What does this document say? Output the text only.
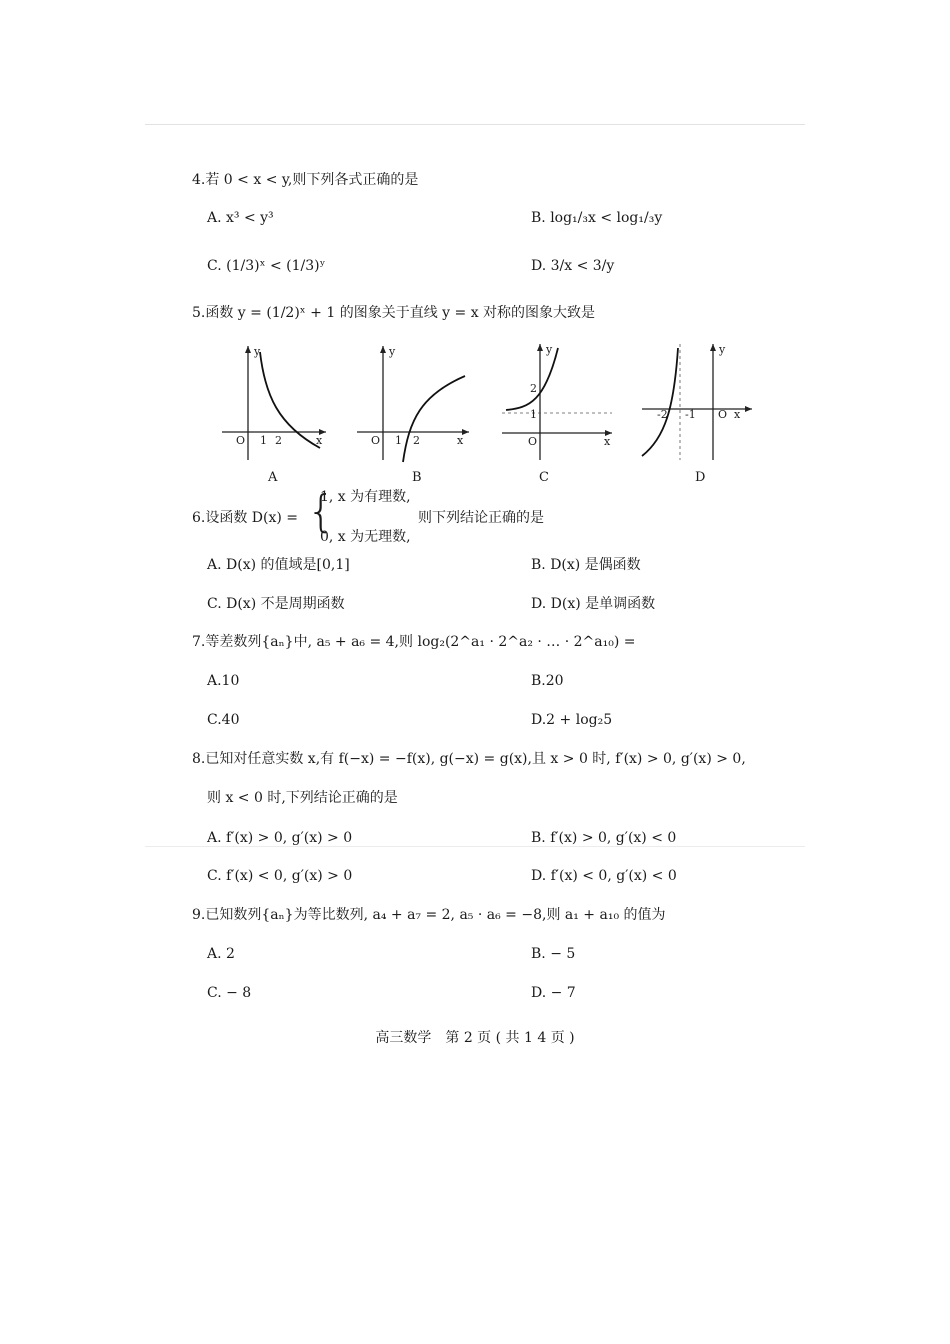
4.若 0 < x < y,则下列各式正确的是
A. x³ < y³	B. log₁/₃x < log₁/₃y
C. (1/3)ˣ < (1/3)ʸ	D. 3/x < 3/y
5.函数 y = (1/2)ˣ + 1 的图象关于直线 y = x 对称的图象大致是
O 1 2	x
y
A
O 1 2	x
y
B
O
1
2
x
y
C
-2 -1 O x
y
D
6.设函数 D(x) = {
1, x 为有理数,
0, x 为无理数,
则下列结论正确的是
A. D(x) 的值域是[0,1]	B. D(x) 是偶函数
C. D(x) 不是周期函数	D. D(x) 是单调函数
7.等差数列{aₙ}中, a₅ + a₆ = 4,则 log₂(2^a₁ · 2^a₂ · … · 2^a₁₀) =
A.10	B.20
C.40	D.2 + log₂5
8.已知对任意实数 x,有 f(−x) = −f(x), g(−x) = g(x),且 x > 0 时, f′(x) > 0, g′(x) > 0,
则 x < 0 时,下列结论正确的是
A. f′(x) > 0, g′(x) > 0	B. f′(x) > 0, g′(x) < 0
C. f′(x) < 0, g′(x) > 0	D. f′(x) < 0, g′(x) < 0
9.已知数列{aₙ}为等比数列, a₄ + a₇ = 2, a₅ · a₆ = −8,则 a₁ + a₁₀ 的值为
A. 2	B. − 5
C. − 8	D. − 7
高三数学　第 2 页 ( 共 1 4 页 )
